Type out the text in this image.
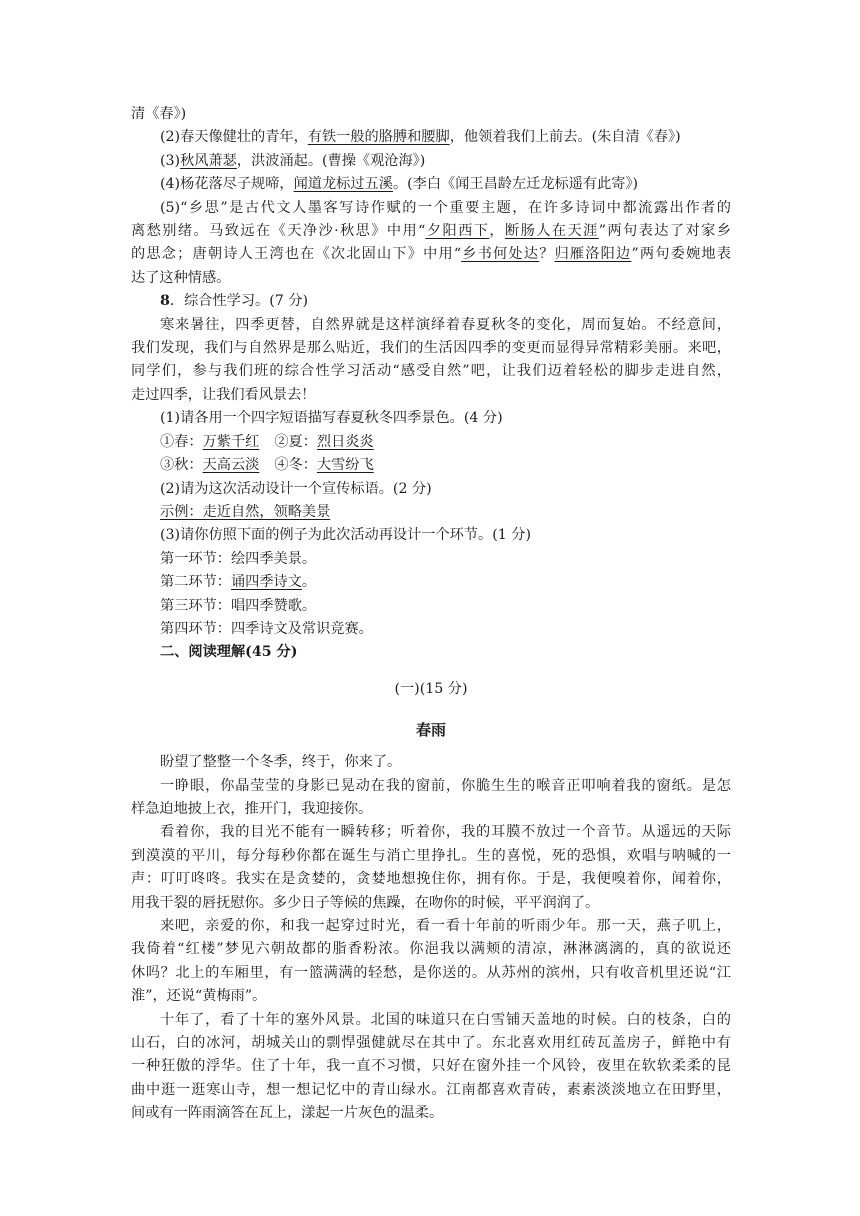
清《春》)
(2)春天像健壮的青年，有铁一般的胳膊和腰脚，他领着我们上前去。(朱自清《春》)
(3)秋风萧瑟，洪波涌起。(曹操《观沧海》)
(4)杨花落尽子规啼，闻道龙标过五溪。(李白《闻王昌龄左迁龙标遥有此寄》)
(5)“乡思”是古代文人墨客写诗作赋的一个重要主题，在许多诗词中都流露出作者的
离愁别绪。马致远在《天净沙·秋思》中用“夕阳西下，断肠人在天涯”两句表达了对家乡
的思念；唐朝诗人王湾也在《次北固山下》中用“乡书何处达？归雁洛阳边”两句委婉地表
达了这种情感。
8．综合性学习。(7 分)
寒来暑往，四季更替，自然界就是这样演绎着春夏秋冬的变化，周而复始。不经意间，
我们发现，我们与自然界是那么贴近，我们的生活因四季的变更而显得异常精彩美丽。来吧，
同学们，参与我们班的综合性学习活动“感受自然”吧，让我们迈着轻松的脚步走进自然，
走过四季，让我们看风景去！
(1)请各用一个四字短语描写春夏秋冬四季景色。(4 分)
①春：万紫千红 ②夏：烈日炎炎
③秋：天高云淡 ④冬：大雪纷飞
(2)请为这次活动设计一个宣传标语。(2 分)
示例：走近自然，领略美景
(3)请你仿照下面的例子为此次活动再设计一个环节。(1 分)
第一环节：绘四季美景。
第二环节：诵四季诗文。
第三环节：唱四季赞歌。
第四环节：四季诗文及常识竞赛。
二、阅读理解(45 分)
(一)(15 分)
春雨
盼望了整整一个冬季，终于，你来了。
一睁眼，你晶莹莹的身影已晃动在我的窗前，你脆生生的喉音正叩响着我的窗纸。是怎
样急迫地披上衣，推开门，我迎接你。
看着你，我的目光不能有一瞬转移；听着你，我的耳膜不放过一个音节。从遥远的天际
到漠漠的平川，每分每秒你都在诞生与消亡里挣扎。生的喜悦，死的恐惧，欢唱与呐喊的一
声：叮叮咚咚。我实在是贪婪的，贪婪地想挽住你，拥有你。于是，我便嗅着你，闻着你，
用我干裂的唇抚慰你。多少日子等候的焦躁，在吻你的时候，平平润润了。
来吧，亲爱的你，和我一起穿过时光，看一看十年前的听雨少年。那一天，燕子叽上，
我倚着“红楼”梦见六朝故都的脂香粉浓。你浥我以满颊的清凉，淋淋漓漓的，真的欲说还
休吗？北上的车厢里，有一篮满满的轻愁，是你送的。从苏州的滨州，只有收音机里还说“江
淮”，还说“黄梅雨”。
十年了，看了十年的塞外风景。北国的味道只在白雪铺天盖地的时候。白的枝条，白的
山石，白的冰河，胡城关山的剽悍强健就尽在其中了。东北喜欢用红砖瓦盖房子，鲜艳中有
一种狂傲的浮华。住了十年，我一直不习惯，只好在窗外挂一个风铃，夜里在软软柔柔的昆
曲中逛一逛寒山寺，想一想记忆中的青山绿水。江南都喜欢青砖，素素淡淡地立在田野里，
间或有一阵雨滴答在瓦上，漾起一片灰色的温柔。
